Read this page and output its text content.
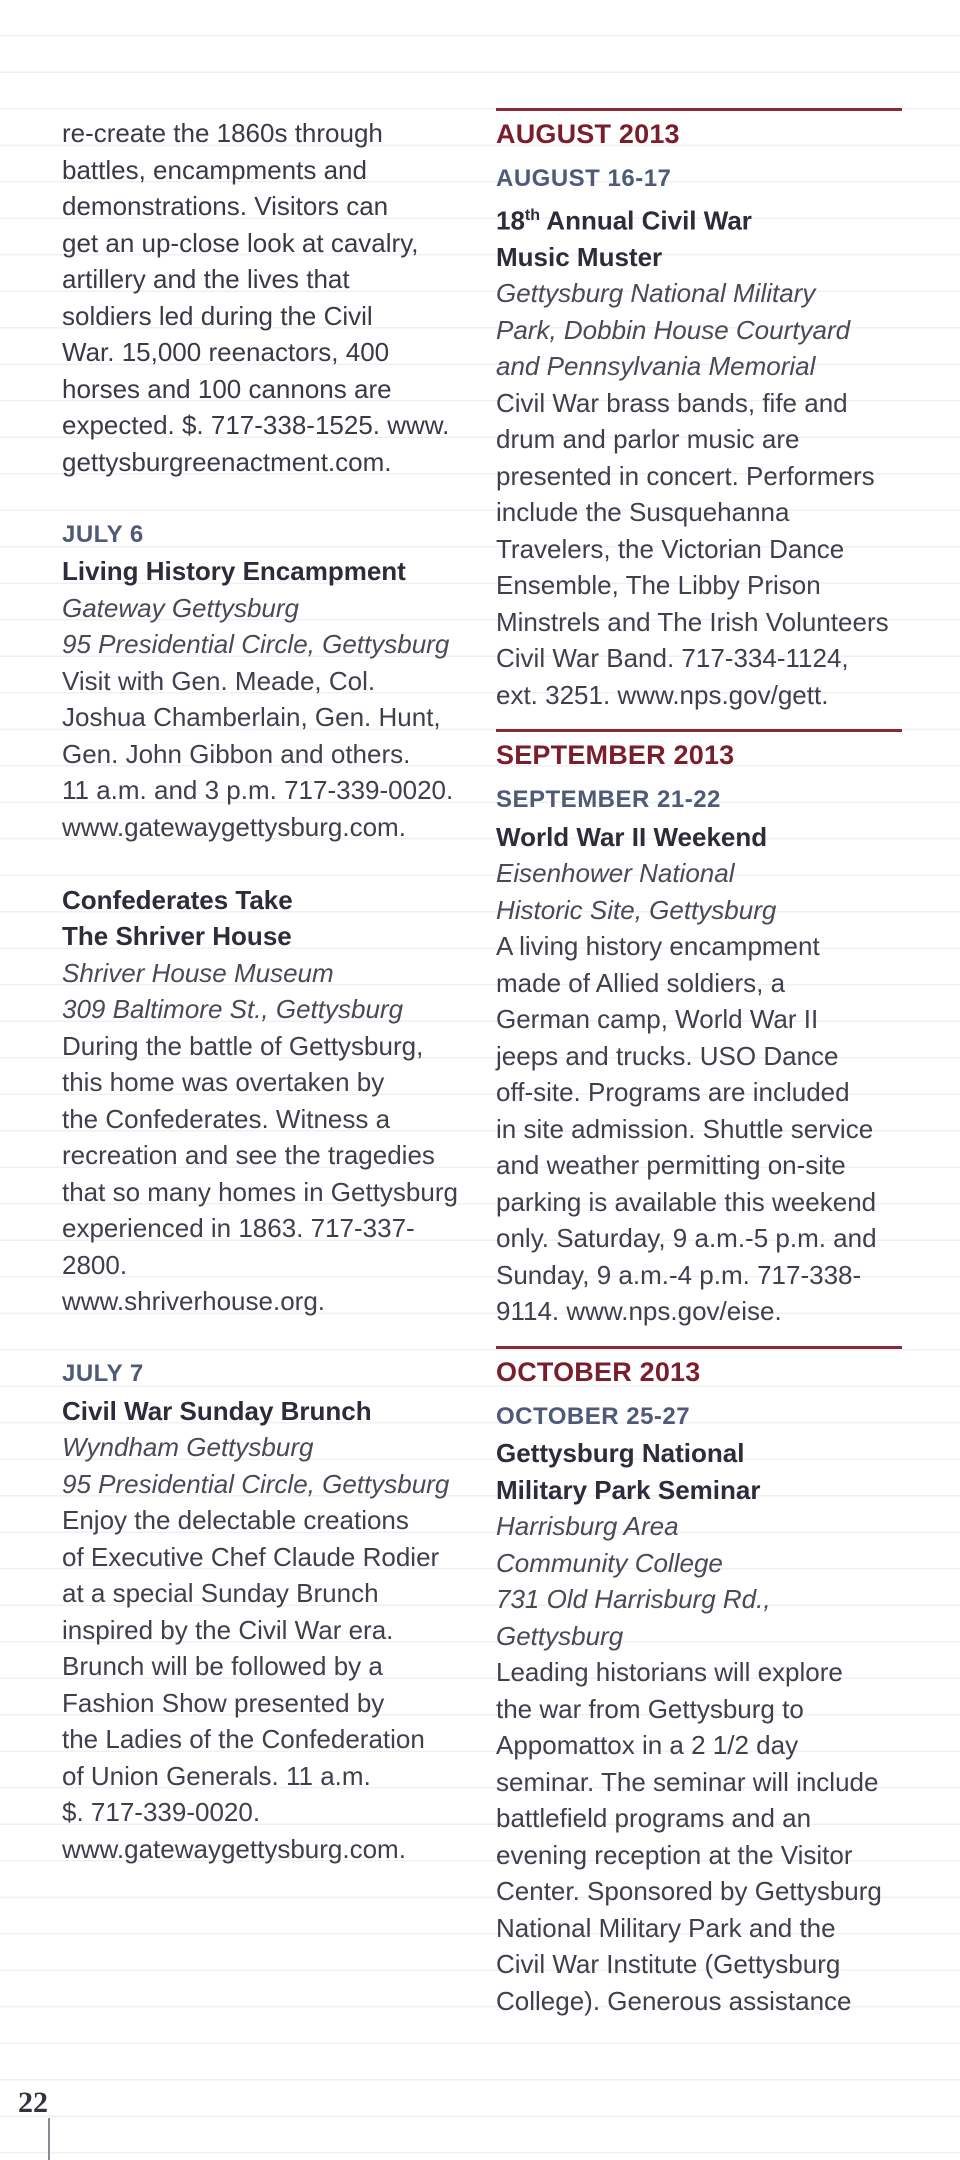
re-create the 1860s through
battles, encampments and
demonstrations. Visitors can
get an up-close look at cavalry,
artillery and the lives that
soldiers led during the Civil
War. 15,000 reenactors, 400
horses and 100 cannons are
expected. $. 717-338-1525. www.
gettysburgreenactment.com.
JULY 6
Living History Encampment
Gateway Gettysburg
95 Presidential Circle, Gettysburg
Visit with Gen. Meade, Col.
Joshua Chamberlain, Gen. Hunt,
Gen. John Gibbon and others.
11 a.m. and 3 p.m. 717-339-0020.
www.gatewaygettysburg.com.
Confederates Take
The Shriver House
Shriver House Museum
309 Baltimore St., Gettysburg
During the battle of Gettysburg,
this home was overtaken by
the Confederates. Witness a
recreation and see the tragedies
that so many homes in Gettysburg
experienced in 1863. 717-337-2800.
www.shriverhouse.org.
JULY 7
Civil War Sunday Brunch
Wyndham Gettysburg
95 Presidential Circle, Gettysburg
Enjoy the delectable creations
of Executive Chef Claude Rodier
at a special Sunday Brunch
inspired by the Civil War era.
Brunch will be followed by a
Fashion Show presented by
the Ladies of the Confederation
of Union Generals. 11 a.m.
$. 717-339-0020.
www.gatewaygettysburg.com.
AUGUST 2013
AUGUST 16-17
18th Annual Civil War
Music Muster
Gettysburg National Military
Park, Dobbin House Courtyard
and Pennsylvania Memorial
Civil War brass bands, fife and
drum and parlor music are
presented in concert. Performers
include the Susquehanna
Travelers, the Victorian Dance
Ensemble, The Libby Prison
Minstrels and The Irish Volunteers
Civil War Band. 717-334-1124,
ext. 3251. www.nps.gov/gett.
SEPTEMBER 2013
SEPTEMBER 21-22
World War II Weekend
Eisenhower National
Historic Site, Gettysburg
A living history encampment
made of Allied soldiers, a
German camp, World War II
jeeps and trucks. USO Dance
off-site. Programs are included
in site admission. Shuttle service
and weather permitting on-site
parking is available this weekend
only. Saturday, 9 a.m.-5 p.m. and
Sunday, 9 a.m.-4 p.m. 717-338-
9114. www.nps.gov/eise.
OCTOBER 2013
OCTOBER 25-27
Gettysburg National
Military Park Seminar
Harrisburg Area
Community College
731 Old Harrisburg Rd.,
Gettysburg
Leading historians will explore
the war from Gettysburg to
Appomattox in a 2 1/2 day
seminar. The seminar will include
battlefield programs and an
evening reception at the Visitor
Center. Sponsored by Gettysburg
National Military Park and the
Civil War Institute (Gettysburg
College). Generous assistance
22
